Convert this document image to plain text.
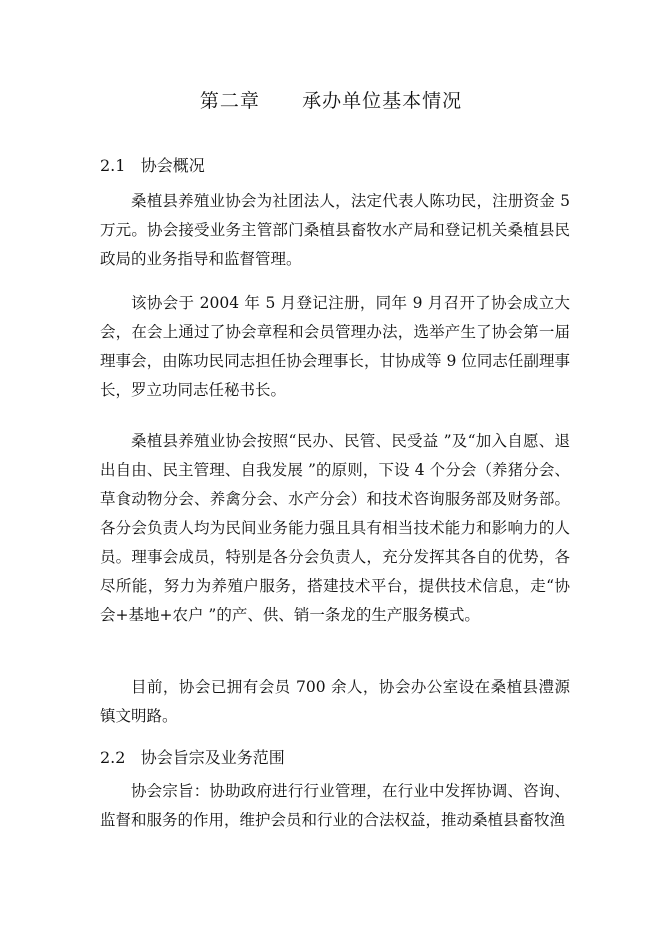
第二章      承办单位基本情况
2.1   协会概况

桑植县养殖业协会为社团法人，法定代表人陈功民，注册资金 5 万元。协会接受业务主管部门桑植县畜牧水产局和登记机关桑植县民政局的业务指导和监督管理。

该协会于 2004 年 5 月登记注册，同年 9 月召开了协会成立大会，在会上通过了协会章程和会员管理办法，选举产生了协会第一届理事会，由陈功民同志担任协会理事长，甘协成等 9 位同志任副理事长，罗立功同志任秘书长。

桑植县养殖业协会按照“民办、民管、民受益 ”及“加入自愿、退出自由、民主管理、自我发展 ”的原则，下设 4 个分会（养猪分会、草食动物分会、养禽分会、水产分会）和技术咨询服务部及财务部。各分会负责人均为民间业务能力强且具有相当技术能力和影响力的人员。理事会成员，特别是各分会负责人，充分发挥其各自的优势，各尽所能，努力为养殖户服务，搭建技术平台，提供技术信息，走“协会+基地+农户 ”的产、供、销一条龙的生产服务模式。

目前，协会已拥有会员 700 余人，协会办公室设在桑植县澧源镇文明路。

2.2   协会旨宗及业务范围

协会宗旨：协助政府进行行业管理，在行业中发挥协调、咨询、监督和服务的作用，维护会员和行业的合法权益，推动桑植县畜牧渔
